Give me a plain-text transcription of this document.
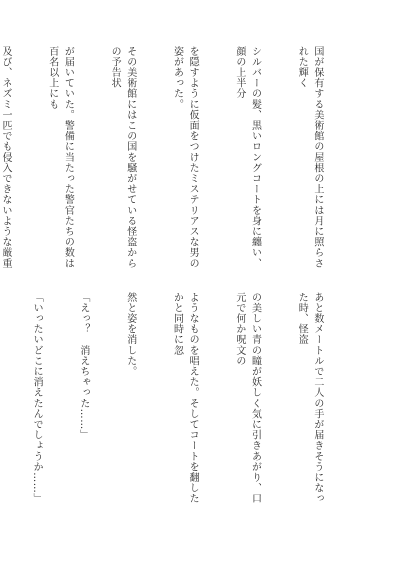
国が保有する美術館の屋根の上には月に照らされた輝く

シルバーの髪、黒いロングコートを身に纏い、顔の上半分

を隠すように仮面をつけたミステリアスな男の姿があった。

その美術館にはこの国を騒がせている怪盗からの予告状

が届いていた。警備に当たった警官たちの数は百名以上にも

及び、ネズミ一匹でも侵入できないような厳重

あと数メートルで二人の手が届きそうになった時、怪盗

の美しい青の瞳が妖しく気に引きあがり、口元で何か呪文の

ようなものを唱えた。そしてコートを翻したかと同時に忽

然と姿を消した。

「えっ？　消えちゃった……」

「いったいどこに消えたんでしょうか……」
